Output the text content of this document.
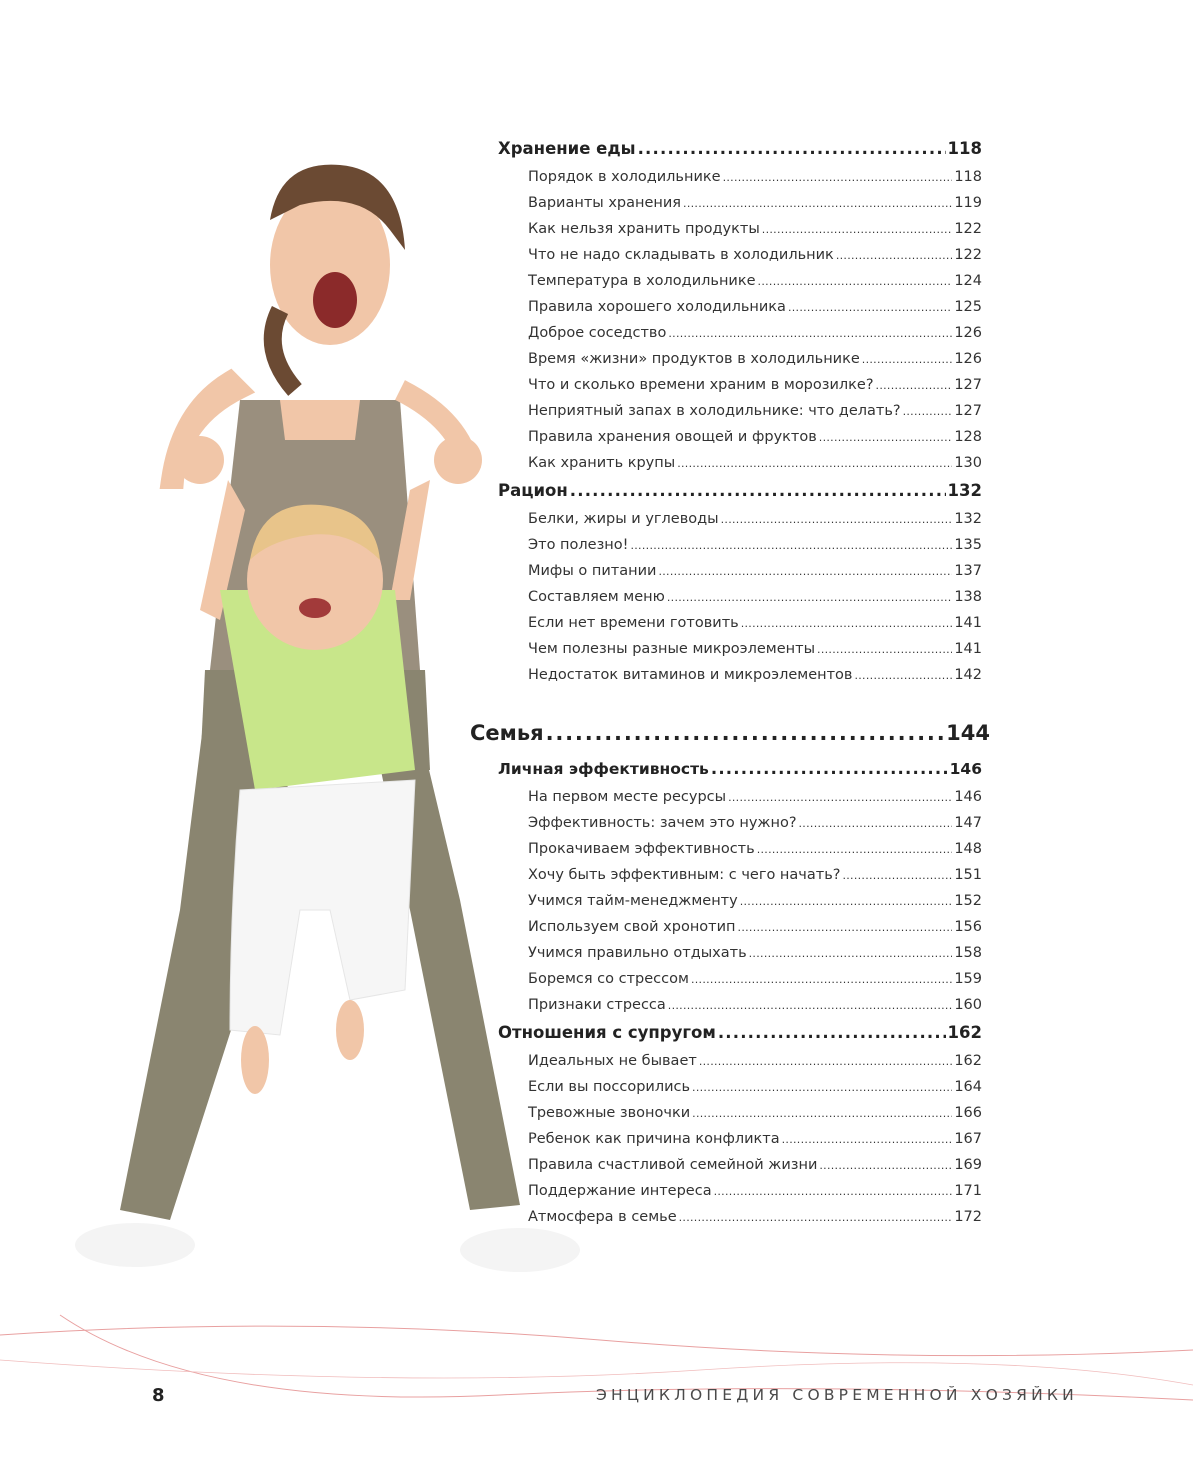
Хранение еды .....	118
Порядок в холодильнике .....	118
Варианты хранения .....	119
Как нельзя хранить продукты .....	122
Что не надо складывать в холодильник .....	122
Температура в холодильнике .....	124
Правила хорошего холодильника .....	125
Доброе соседство .....	126
Время «жизни» продуктов в холодильнике .....	126
Что и сколько времени храним в морозилке? .....	127
Неприятный запах в холодильнике: что делать? .....	127
Правила хранения овощей и фруктов .....	128
Как хранить крупы .....	130
Рацион .....	132
Белки, жиры и углеводы .....	132
Это полезно! .....	135
Мифы о питании .....	137
Составляем меню .....	138
Если нет времени готовить .....	141
Чем полезны разные микроэлементы .....	141
Недостаток витаминов и микроэлементов .....	142
Семья .....	144
Личная эффективность .....	146
На первом месте ресурсы .....	146
Эффективность: зачем это нужно? .....	147
Прокачиваем эффективность .....	148
Хочу быть эффективным: с чего начать? .....	151
Учимся тайм-менеджменту .....	152
Используем свой хронотип .....	156
Учимся правильно отдыхать .....	158
Боремся со стрессом .....	159
Признаки стресса .....	160
Отношения с супругом .....	162
Идеальных не бывает .....	162
Если вы поссорились .....	164
Тревожные звоночки .....	166
Ребенок как причина конфликта .....	167
Правила счастливой семейной жизни .....	169
Поддержание интереса .....	171
Атмосфера в семье .....	172
8	ЭНЦИКЛОПЕДИЯ СОВРЕМЕННОЙ ХОЗЯЙКИ
